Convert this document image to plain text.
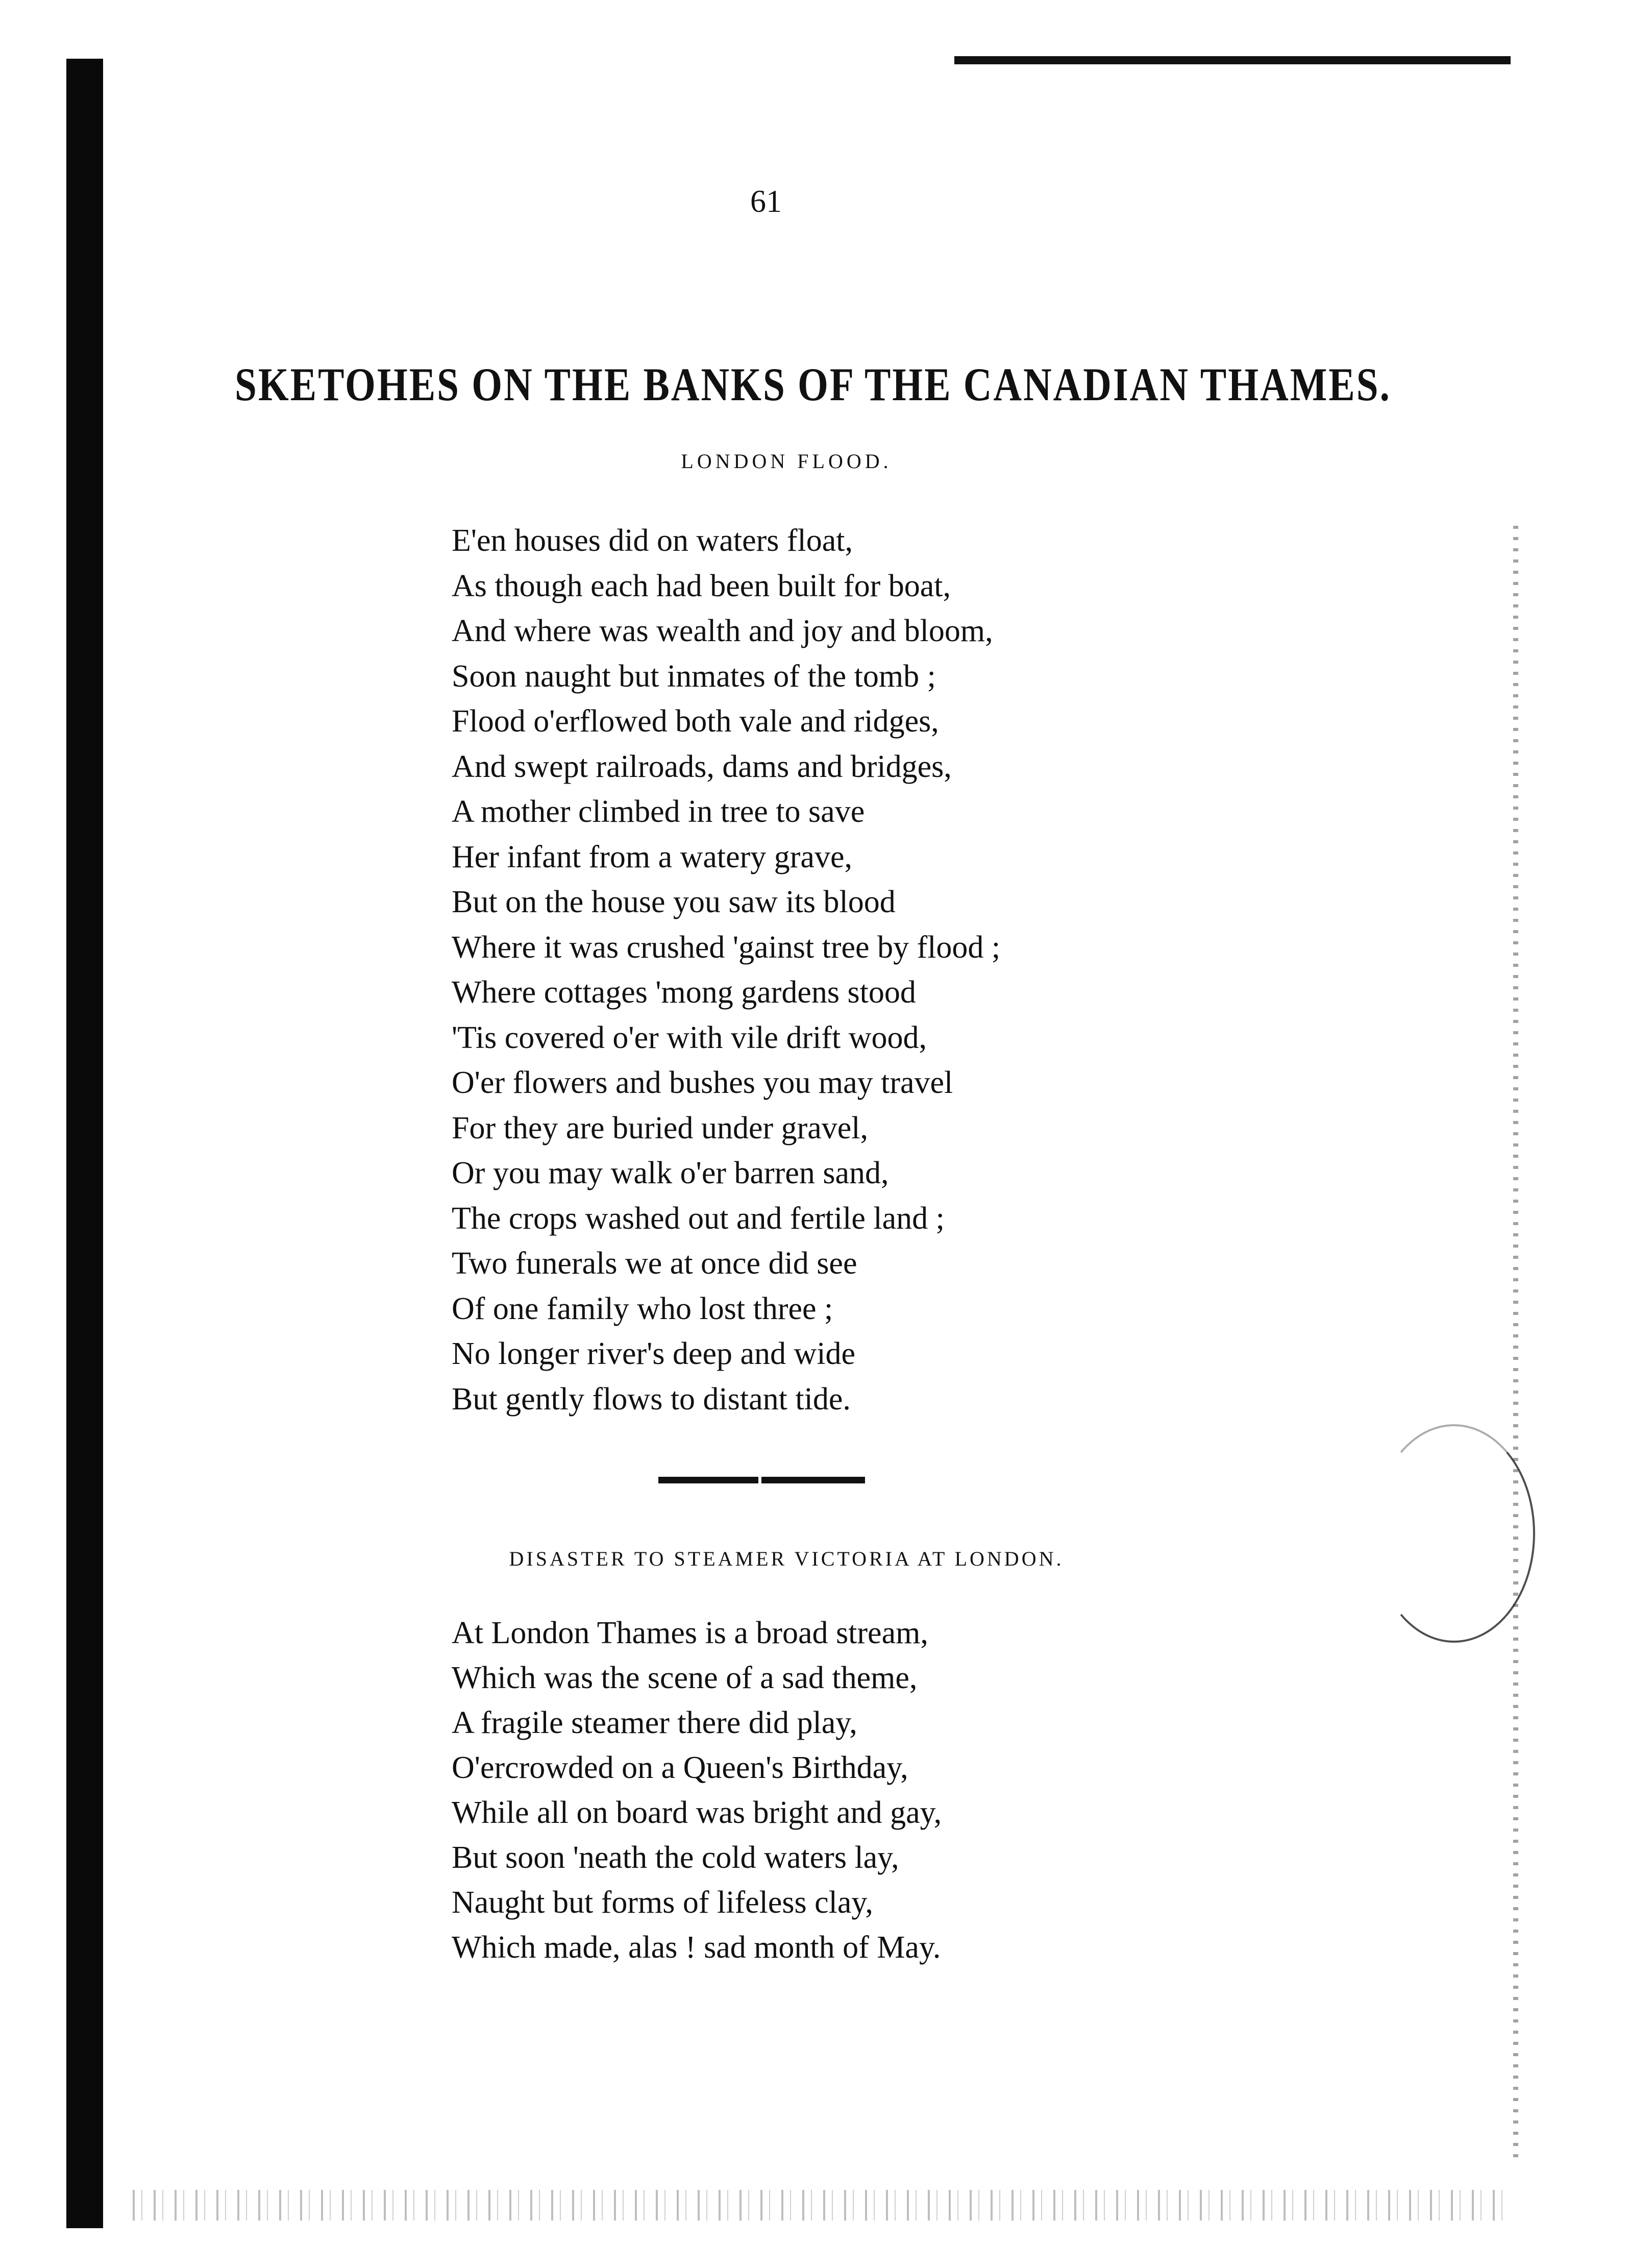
61
SKETOHES ON THE BANKS OF THE CANADIAN THAMES.
LONDON FLOOD.
E'en houses did on waters float,
As though each had been built for boat,
And where was wealth and joy and bloom,
Soon naught but inmates of the tomb ;
Flood o'erflowed both vale and ridges,
And swept railroads, dams and bridges,
A mother climbed in tree to save
Her infant from a watery grave,
But on the house you saw its blood
Where it was crushed 'gainst tree by flood ;
Where cottages 'mong gardens stood
'Tis covered o'er with vile drift wood,
O'er flowers and bushes you may travel
For they are buried under gravel,
Or you may walk o'er barren sand,
The crops washed out and fertile land ;
Two funerals we at once did see
Of one family who lost three ;
No longer river's deep and wide
But gently flows to distant tide.
DISASTER TO STEAMER VICTORIA AT LONDON.
At London Thames is a broad stream,
Which was the scene of a sad theme,
A fragile steamer there did play,
O'ercrowded on a Queen's Birthday,
While all on board was bright and gay,
But soon 'neath the cold waters lay,
Naught but forms of lifeless clay,
Which made, alas ! sad month of May.
